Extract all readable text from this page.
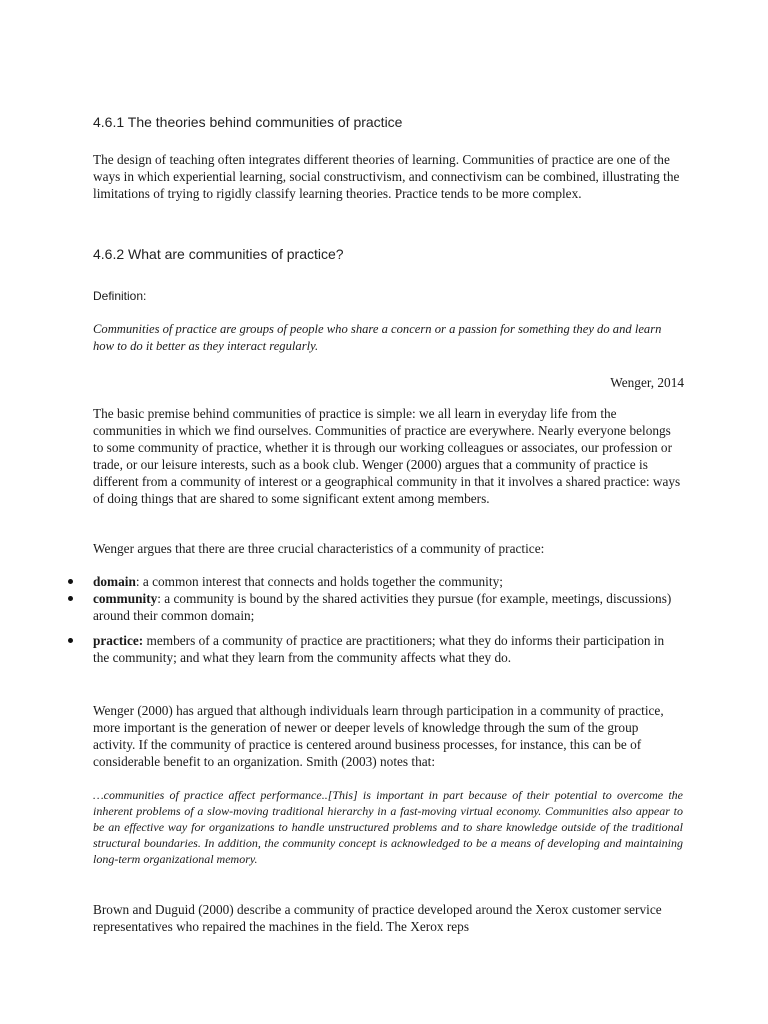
4.6.1 The theories behind communities of practice

The design of teaching often integrates different theories of learning. Communities of practice are one of the ways in which experiential learning, social constructivism, and connectivism can be combined, illustrating the limitations of trying to rigidly classify learning theories. Practice tends to be more complex.

4.6.2 What are communities of practice?
Definition:

Communities of practice are groups of people who share a concern or a passion for something they do and learn how to do it better as they interact regularly.

Wenger, 2014

The basic premise behind communities of practice is simple: we all learn in everyday life from the communities in which we find ourselves. Communities of practice are everywhere. Nearly everyone belongs to some community of practice, whether it is through our working colleagues or associates, our profession or trade, or our leisure interests, such as a book club. Wenger (2000) argues that a community of practice is different from a community of interest or a geographical community in that it involves a shared practice: ways of doing things that are shared to some significant extent among members.

Wenger argues that there are three crucial characteristics of a community of practice:

domain: a common interest that connects and holds together the community;
community: a community is bound by the shared activities they pursue (for example, meetings, discussions) around their common domain;
practice: members of a community of practice are practitioners; what they do informs their participation in the community; and what they learn from the community affects what they do.

Wenger (2000) has argued that although individuals learn through participation in a community of practice, more important is the generation of newer or deeper levels of knowledge through the sum of the group activity. If the community of practice is centered around business processes, for instance, this can be of considerable benefit to an organization. Smith (2003) notes that:

…communities of practice affect performance..[This] is important in part because of their potential to overcome the inherent problems of a slow-moving traditional hierarchy in a fast-moving virtual economy. Communities also appear to be an effective way for organizations to handle unstructured problems and to share knowledge outside of the traditional structural boundaries. In addition, the community concept is acknowledged to be a means of developing and maintaining long-term organizational memory.

Brown and Duguid (2000) describe a community of practice developed around the Xerox customer service representatives who repaired the machines in the field. The Xerox reps
